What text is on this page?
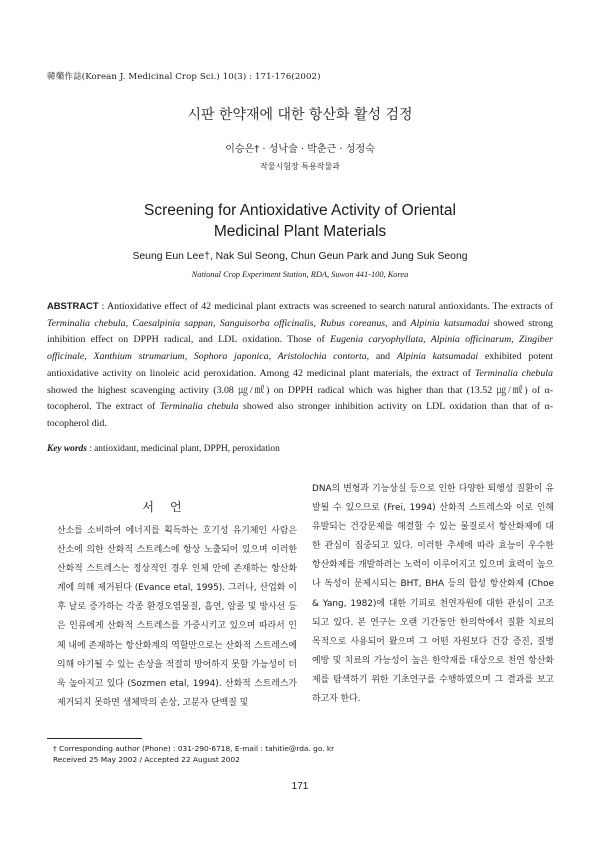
韓藥作誌(Korean J. Medicinal Crop Sci.) 10(3) : 171-176(2002)
시판 한약재에 대한 항산화 활성 검정
이승은† · 성낙술 · 박춘근 · 성정숙
작물시험장 특용작물과
Screening for Antioxidative Activity of Oriental
Medicinal Plant Materials
Seung Eun Lee†, Nak Sul Seong, Chun Geun Park and Jung Suk Seong
National Crop Experiment Station, RDA, Suwon 441-100, Korea
ABSTRACT : Antioxidative effect of 42 medicinal plant extracts was screened to search natural antioxidants. The extracts of Terminalia chebula, Caesalpinia sappan, Sanguisorba officinalis, Rubus coreanus, and Alpinia katsumadai showed strong inhibition effect on DPPH radical, and LDL oxidation. Those of Eugenia caryophyllata, Alpinia officinarum, Zingiber officinale, Xanthium strumarium, Sophora japonica, Aristolochia contorta, and Alpinia katsumadai exhibited potent antioxidative activity on linoleic acid peroxidation. Among 42 medicinal plant materials, the extract of Terminalia chebula showed the highest scavenging activity (3.08 ㎍/㎖) on DPPH radical which was higher than that (13.52 ㎍/㎖) of α-tocopherol. The extract of Terminalia chebula showed also stronger inhibition activity on LDL oxidation than that of α-tocopherol did.
Key words : antioxidant, medicinal plant, DPPH, peroxidation
서언
산소를 소비하여 에너지를 획득하는 호기성 유기체인 사람은 산소에 의한 산화적 스트레스에 항상 노출되어 있으며 이러한 산화적 스트레스는 정상적인 경우 인체 안에 존재하는 항산화계에 의해 제거된다 (Evance etal, 1995). 그러나, 산업화 이후 날로 증가하는 각종 환경오염물질, 흡연, 알콜 및 방사선 등은 인류에게 산화적 스트레스를 가중시키고 있으며 따라서 인체 내에 존재하는 항산화계의 역할만으로는 산화적 스트레스에 의해 야기될 수 있는 손상을 적절히 방어하지 못할 가능성이 더욱 높아지고 있다 (Sozmen etal, 1994). 산화적 스트레스가 제거되지 못하면 생체막의 손상, 고분자 단백질 및
DNA의 변형과 기능상실 등으로 인한 다양한 퇴행성 질환이 유발될 수 있으므로 (Frei, 1994) 산화적 스트레스와 이로 인해 유발되는 건강문제를 해결할 수 있는 물질로서 항산화제에 대한 관심이 집중되고 있다. 이러한 추세에 따라 효능이 우수한 항산화제를 개발하려는 노력이 이루어지고 있으며 효력이 높으나 독성이 문제시되는 BHT, BHA 등의 합성 항산화제 (Choe & Yang, 1982)에 대한 기피로 천연자원에 대한 관심이 고조되고 있다. 본 연구는 오랜 기간동안 한의학에서 질환 치료의 목적으로 사용되어 왔으며 그 어떤 자원보다 건강 증진, 질병 예방 및 치료의 가능성이 높은 한약재를 대상으로 천연 항산화제를 탐색하기 위한 기초연구를 수행하였으며 그 결과를 보고하고자 한다.
† Corresponding author (Phone) : 031-290-6718, E-mail : tahitie@rda. go. kr
Received 25 May 2002 / Accepted 22 August 2002
171
